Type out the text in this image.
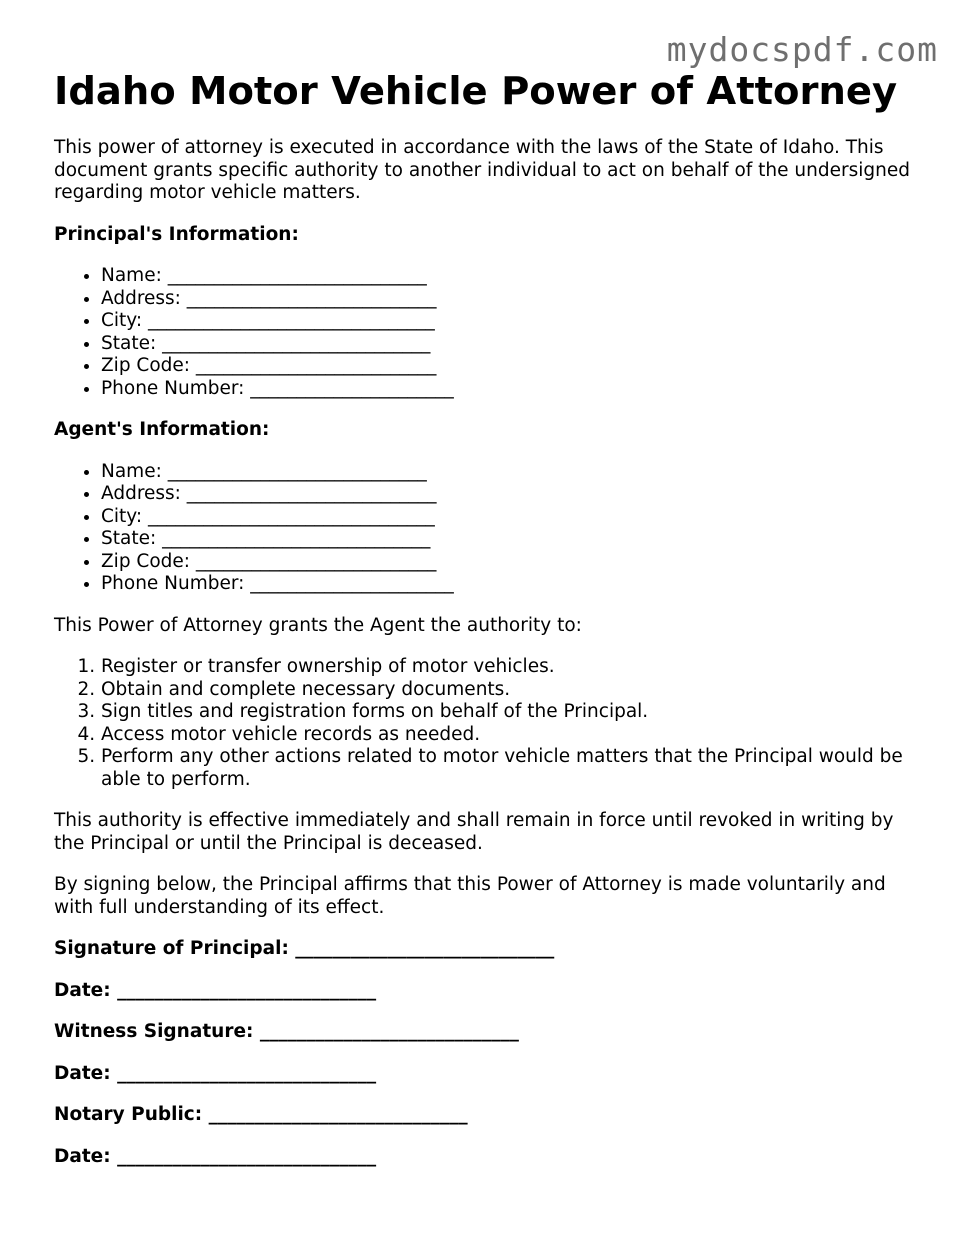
mydocspdf.com
Idaho Motor Vehicle Power of Attorney

This power of attorney is executed in accordance with the laws of the State of Idaho. This document grants specific authority to another individual to act on behalf of the undersigned regarding motor vehicle matters.

Principal's Information:

• Name: ____________________________
• Address: ___________________________
• City: _______________________________
• State: _____________________________
• Zip Code: __________________________
• Phone Number: ______________________

Agent's Information:

• Name: ____________________________
• Address: ___________________________
• City: _______________________________
• State: _____________________________
• Zip Code: __________________________
• Phone Number: ______________________

This Power of Attorney grants the Agent the authority to:

1. Register or transfer ownership of motor vehicles.
2. Obtain and complete necessary documents.
3. Sign titles and registration forms on behalf of the Principal.
4. Access motor vehicle records as needed.
5. Perform any other actions related to motor vehicle matters that the Principal would be able to perform.

This authority is effective immediately and shall remain in force until revoked in writing by the Principal or until the Principal is deceased.

By signing below, the Principal affirms that this Power of Attorney is made voluntarily and with full understanding of its effect.

Signature of Principal: ____________________________

Date: ____________________________

Witness Signature: ____________________________

Date: ____________________________

Notary Public: ____________________________

Date: ____________________________
